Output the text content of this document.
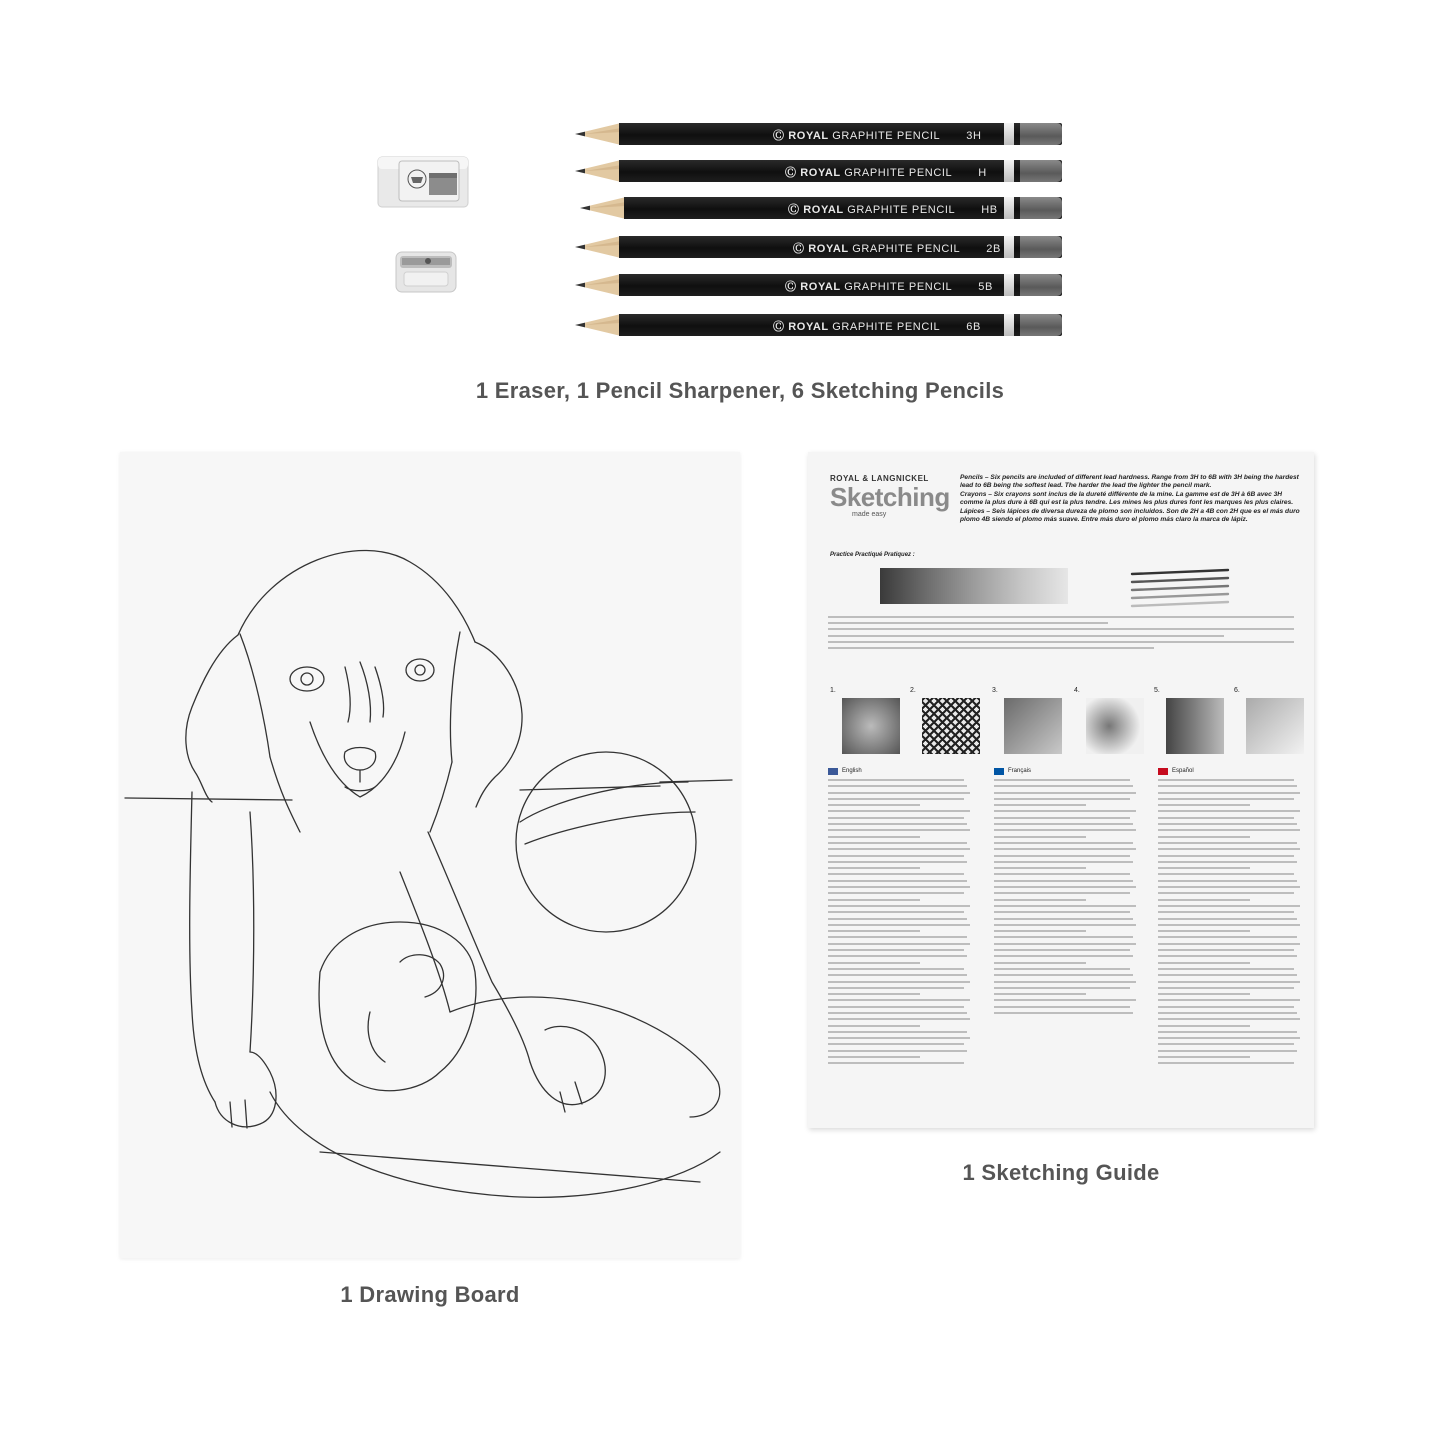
Ⓒ ROYAL GRAPHITE PENCIL 3H
Ⓒ ROYAL GRAPHITE PENCIL H
Ⓒ ROYAL GRAPHITE PENCIL HB
Ⓒ ROYAL GRAPHITE PENCIL 2B
Ⓒ ROYAL GRAPHITE PENCIL 5B
Ⓒ ROYAL GRAPHITE PENCIL 6B
1 Eraser, 1 Pencil Sharpener, 6 Sketching Pencils
1 Drawing Board
ROYAL & LANGNICKEL
Sketching
made easy
Pencils – Six pencils are included of different lead hardness. Range from 3H to 6B with 3H being the hardest lead to 6B being the softest lead. The harder the lead the lighter the pencil mark.
Crayons – Six crayons sont inclus de la dureté différente de la mine. La gamme est de 3H à 6B avec 3H comme la plus dure à 6B qui est la plus tendre. Les mines les plus dures font les marques les plus claires.
Lápices – Seis lápices de diversa dureza de plomo son incluidos. Son de 2H a 4B con 2H que es el más duro plomo 4B siendo el plomo más suave. Entre más duro el plomo más claro la marca de lápiz.
Practice Practiqué Pratiquez :
1.	2.	3.	4.	5.	6.
English	Français	Español
1 Sketching Guide
